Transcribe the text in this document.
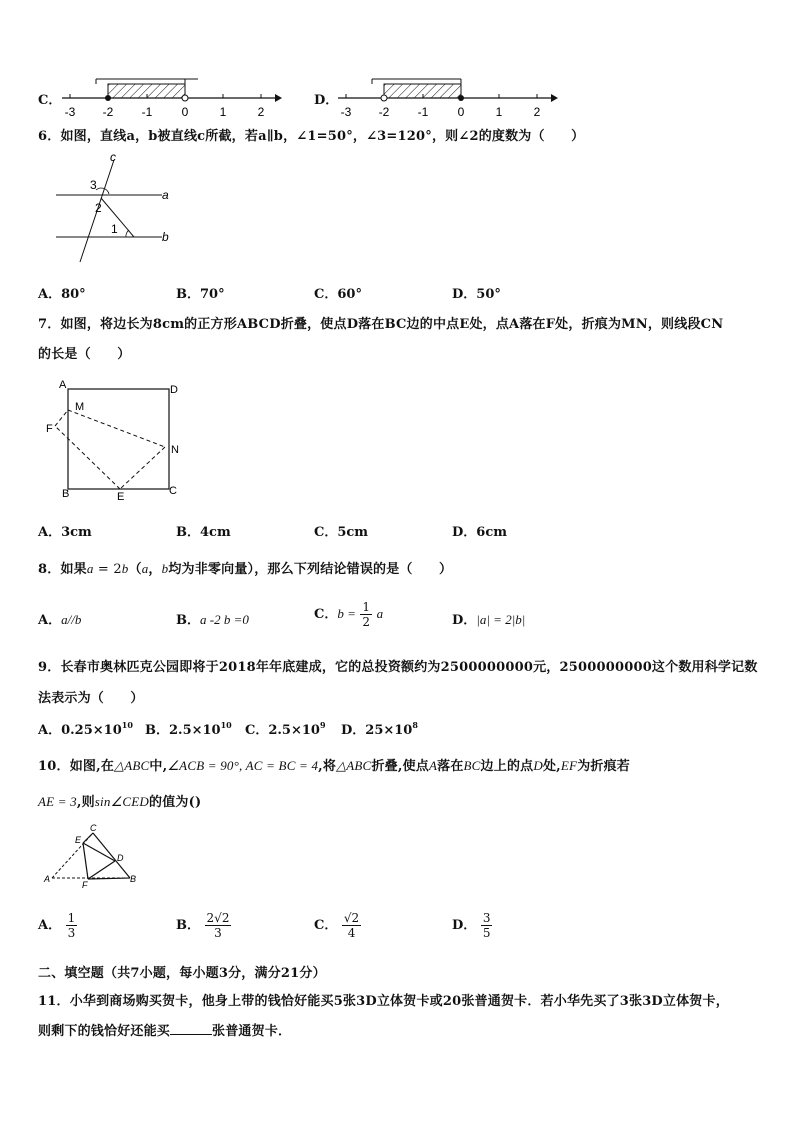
C．
-3 -2 -1 0	1	2
D．
-3 -2 -1 0	1	2
6．如图，直线a，b被直线c所截，若a∥b，∠1=50°，∠3=120°，则∠2的度数为（　　）
c
a
b
3
2
1
A．80°	B．70°	C．60°	D．50°
7．如图，将边长为8cm的正方形ABCD折叠，使点D落在BC边的中点E处，点A落在F处，折痕为MN，则线段CN
的长是（　　）
A	D
M
F
N
B	E	C
A．3cm	B．4cm	C．5cm	D．6cm
8．如果a = 2b（a，b均为非零向量），那么下列结论错误的是（　　）
A．a//b	B．a -2 b =0	C．$b = \frac{1}{2}$ a	D．|a| = 2|b|
9．长春市奥林匹克公园即将于2018年年底建成，它的总投资额约为2500000000元，2500000000这个数用科学记数
法表示为（　　）
A．$0.25\times 10^{10}$ B．$2.5\times 10^{10}$ C．$2.5\times 10^9$ D．$25\times 10^8$
10．如图,在△ABC中,∠ACB = 90°, AC = BC = 4,将△ABC折叠,使点A落在BC边上的点D处,EF为折痕若
AE = 3,则sin∠CED的值为()
C
E
D
A
F
B
A． $\frac{1}{3}$	B． $\frac{2√2}{3}$	C． $\frac{√2}{4}$	D． $\frac{3}{5}$
二、填空题（共7小题，每小题3分，满分21分）
11．小华到商场购买贺卡，他身上带的钱恰好能买5张3D立体贺卡或20张普通贺卡．若小华先买了3张3D立体贺卡，
则剩下的钱恰好还能买	张普通贺卡．
